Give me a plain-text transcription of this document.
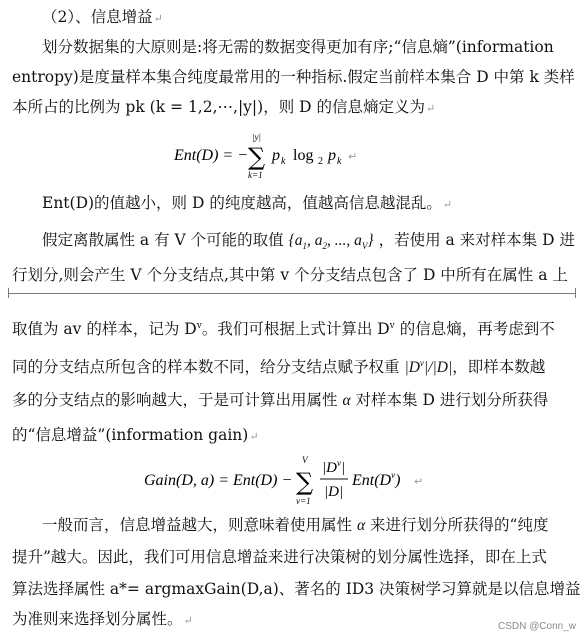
（2）、信息增益↵
划分数据集的大原则是:将无需的数据变得更加有序;“信息熵”(information
entropy)是度量样本集合纯度最常用的一种指标.假定当前样本集合 D 中第 k 类样
本所占的比例为 pk (k = 1,2,⋯,|y|)，则 D 的信息熵定义为↵
Ent(D) = −
|y|
∑
k=1
p k log 2 p k ↵
Ent(D)的值越小，则 D 的纯度越高，值越高信息越混乱。↵
假定离散属性 a 有 V 个可能的取值 {$a_1$, $a_2$, ..., $a_V$} ，若使用 a 来对样本集 D 进
行划分,则会产生 V 个分支结点,其中第 v 个分支结点包含了 D 中所有在属性 a 上
取值为 av 的样本，记为 $D^v$。我们可根据上式计算出 $D^v$ 的信息熵，再考虑到不
同的分支结点所包含的样本数不同，给分支结点赋予权重 $|D^v|/|D|$，即样本数越
多的分支结点的影响越大，于是可计算出用属性 α 对样本集 D 进行划分所获得
的“信息增益”(information gain)↵
Gain(D, a) = Ent(D) −
V
∑
v=1
$|D^v|$
|D|
$Ent(D^v)$ ↵
一般而言，信息增益越大，则意味着使用属性 α 来进行划分所获得的“纯度
提升”越大。因此，我们可用信息增益来进行决策树的划分属性选择，即在上式
算法选择属性 a*= argmaxGain(D,a)、著名的 ID3 决策树学习算就是以信息增益
为准则来选择划分属性。↵	CSDN @Conn_w
